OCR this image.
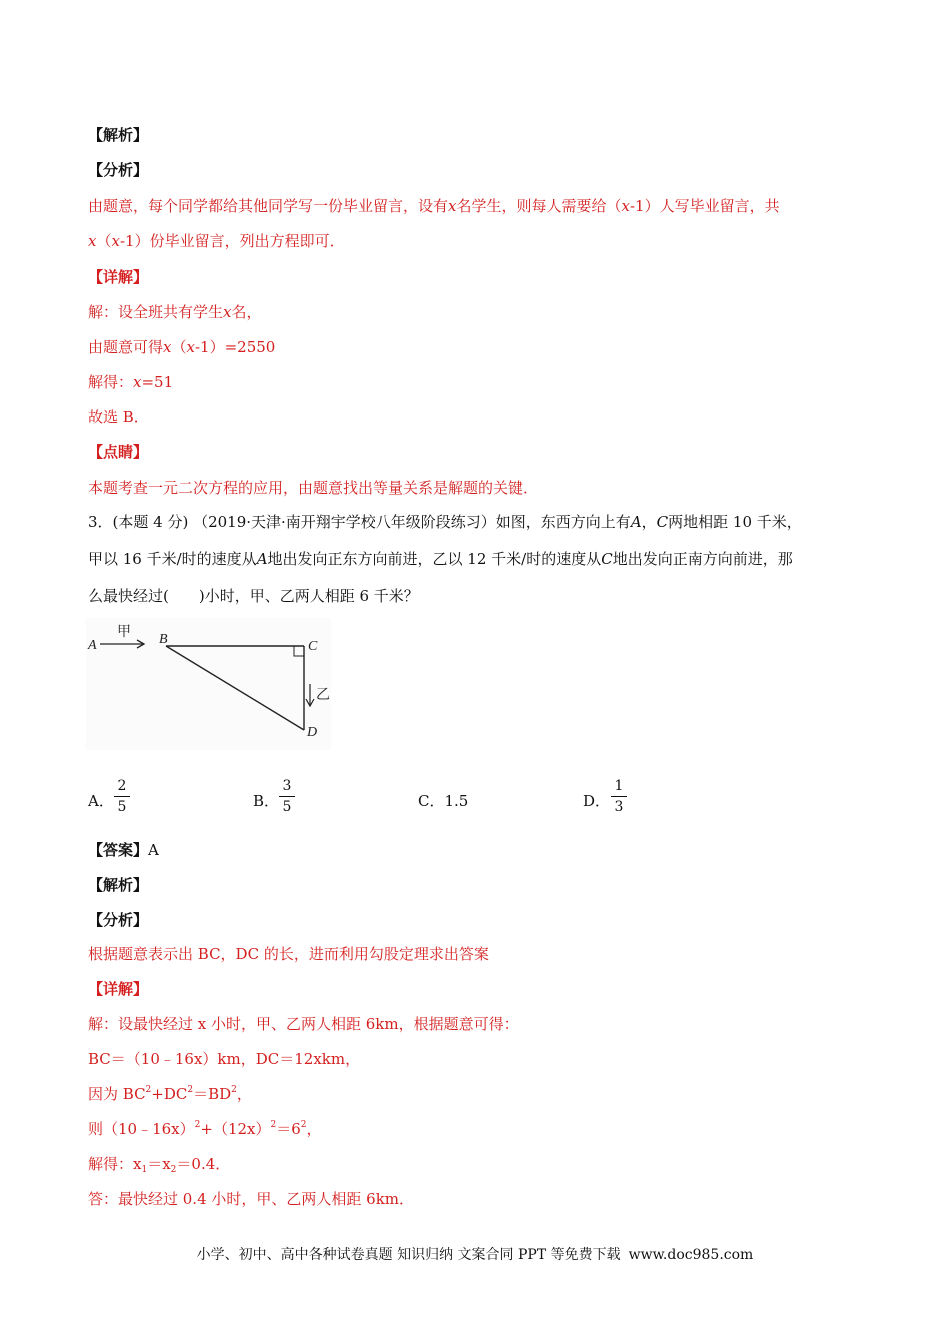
【解析】
【分析】
由题意，每个同学都给其他同学写一份毕业留言，设有x名学生，则每人需要给（x-1）人写毕业留言，共
x（x-1）份毕业留言，列出方程即可．
【详解】
解：设全班共有学生x名，
由题意可得x（x-1）=2550
解得：x=51
故选 B．
【点睛】
本题考查一元二次方程的应用，由题意找出等量关系是解题的关键．
3．(本题 4 分) （2019·天津·南开翔宇学校八年级阶段练习）如图，东西方向上有A，C两地相距 10 千米，
甲以 16 千米/时的速度从A地出发向正东方向前进，乙以 12 千米/时的速度从C地出发向正南方向前进，那
么最快经过(　　)小时，甲、乙两人相距 6 千米？
A
甲 B	C
乙
D
A．
2
5	B．
3
5	C．1.5	D．
1
3
【答案】A
【解析】
【分析】
根据题意表示出 BC，DC 的长，进而利用勾股定理求出答案
【详解】
解：设最快经过 x 小时，甲、乙两人相距 6km，根据题意可得：
BC＝（10﹣16x）km，DC＝12xkm，
因为 $BC^2+DC^2=BD^2$，
则$(10﹣16x)^2+(12x)^2=6^2$，
解得：$x_1=x_2=0.4$．
答：最快经过 0.4 小时，甲、乙两人相距 6km．
小学、初中、高中各种试卷真题 知识归纳 文案合同 PPT 等免费下载 www.doc985.com
